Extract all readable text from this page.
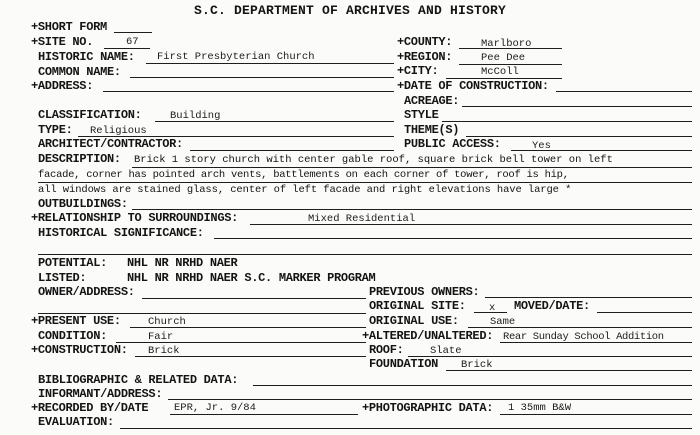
S.C. DEPARTMENT OF ARCHIVES AND HISTORY
+SHORT FORM
+SITE NO.	67
HISTORIC NAME: First Presbyterian Church
COMMON NAME:
+ADDRESS:
+COUNTY:	Marlboro
+REGION:	Pee Dee
+CITY:	McColl
+DATE OF CONSTRUCTION:
ACREAGE:
CLASSIFICATION:	Building	STYLE
TYPE: Religious	THEME(S)
ARCHITECT/CONTRACTOR:	PUBLIC ACCESS:	Yes
DESCRIPTION: Brick 1 story church with center gable roof, square brick bell tower on left
facade, corner has pointed arch vents, battlements on each corner of tower, roof is hip,
all windows are stained glass, center of left facade and right elevations have large *
OUTBUILDINGS:
+RELATIONSHIP TO SURROUNDINGS:	Mixed Residential
HISTORICAL SIGNIFICANCE:
POTENTIAL: NHL NR NRHD NAER
LISTED:	NHL NR NRHD NAER S.C. MARKER PROGRAM
OWNER/ADDRESS:	PREVIOUS OWNERS:
ORIGINAL SITE: x MOVED/DATE:
+PRESENT USE:	Church	ORIGINAL USE:	Same
CONDITION:	Fair	+ALTERED/UNALTERED: Rear Sunday School Addition
+CONSTRUCTION: Brick	ROOF:	Slate
FOUNDATION Brick
BIBLIOGRAPHIC & RELATED DATA:
INFORMANT/ADDRESS:
+RECORDED BY/DATE EPR, Jr. 9/84	+PHOTOGRAPHIC DATA: 1 35mm B&W
EVALUATION:
